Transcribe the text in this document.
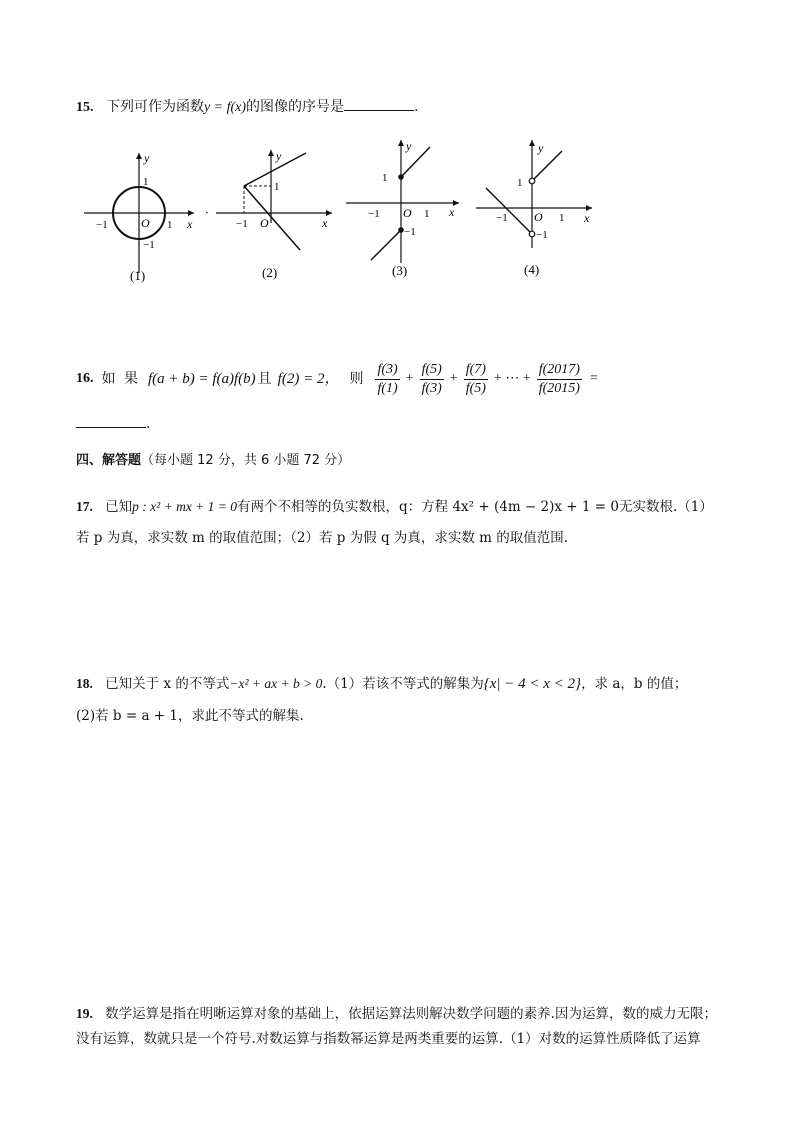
15. 下列可作为函数y = f(x)的图像的序号是	.
y
x
O
−1	1
1
−1
(1)
·
y
x
O
−1
1
(2)
1
−1
−1	1
O	x
y
(3)
y
x
O
−1	1
1
−1
(4)
16. 如 果 f(a + b) = f(a)f(b) 且 f(2) = 2， 则 $\frac{f(3)}{f(1)} + \frac{f(5)}{f(3)} + \frac{f(7)}{f(5)}$ + ⋯ + $\frac{f(2017)}{f(2015)}$ =
.
四、解答题（每小题 12 分，共 6 小题 72 分）
17. 已知p : x² + mx + 1 = 0有两个不相等的负实数根，q：方程 4x² + (4m − 2)x + 1 = 0无实数根.（1）
若 p 为真，求实数 m 的取值范围；（2）若 p 为假 q 为真，求实数 m 的取值范围.
18. 已知关于 x 的不等式−x² + ax + b > 0.（1）若该不等式的解集为{x| − 4 < x < 2}，求 a，b 的值；
(2)若 b = a + 1，求此不等式的解集.
19. 数学运算是指在明晰运算对象的基础上，依据运算法则解决数学问题的素养.因为运算，数的威力无限；
没有运算，数就只是一个符号.对数运算与指数幂运算是两类重要的运算.（1）对数的运算性质降低了运算
